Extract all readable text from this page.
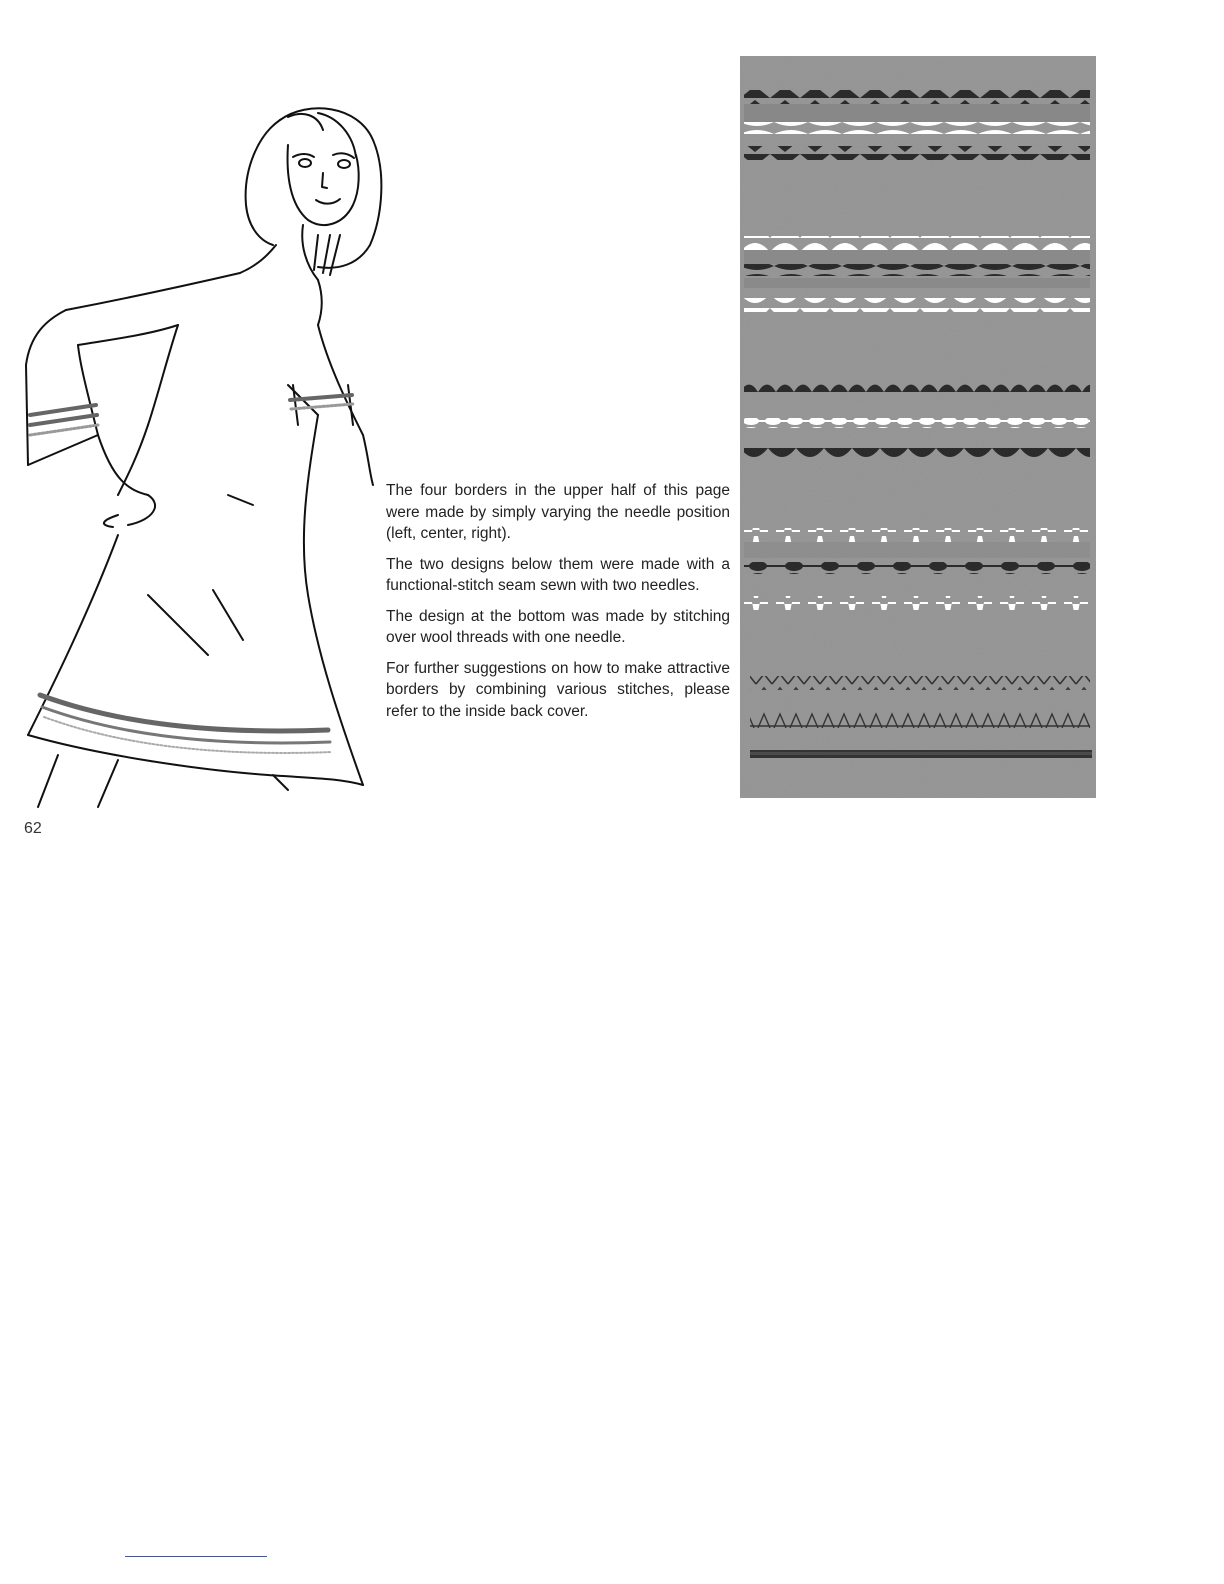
The four borders in the upper half of this page were made by simply varying the needle position (left, center, right).

The two designs below them were made with a functional-stitch seam sewn with two needles.

The design at the bottom was made by stitching over wool threads with one needle.

For further suggestions on how to make attractive borders by combining various stitches, please refer to the inside back cover.

62
